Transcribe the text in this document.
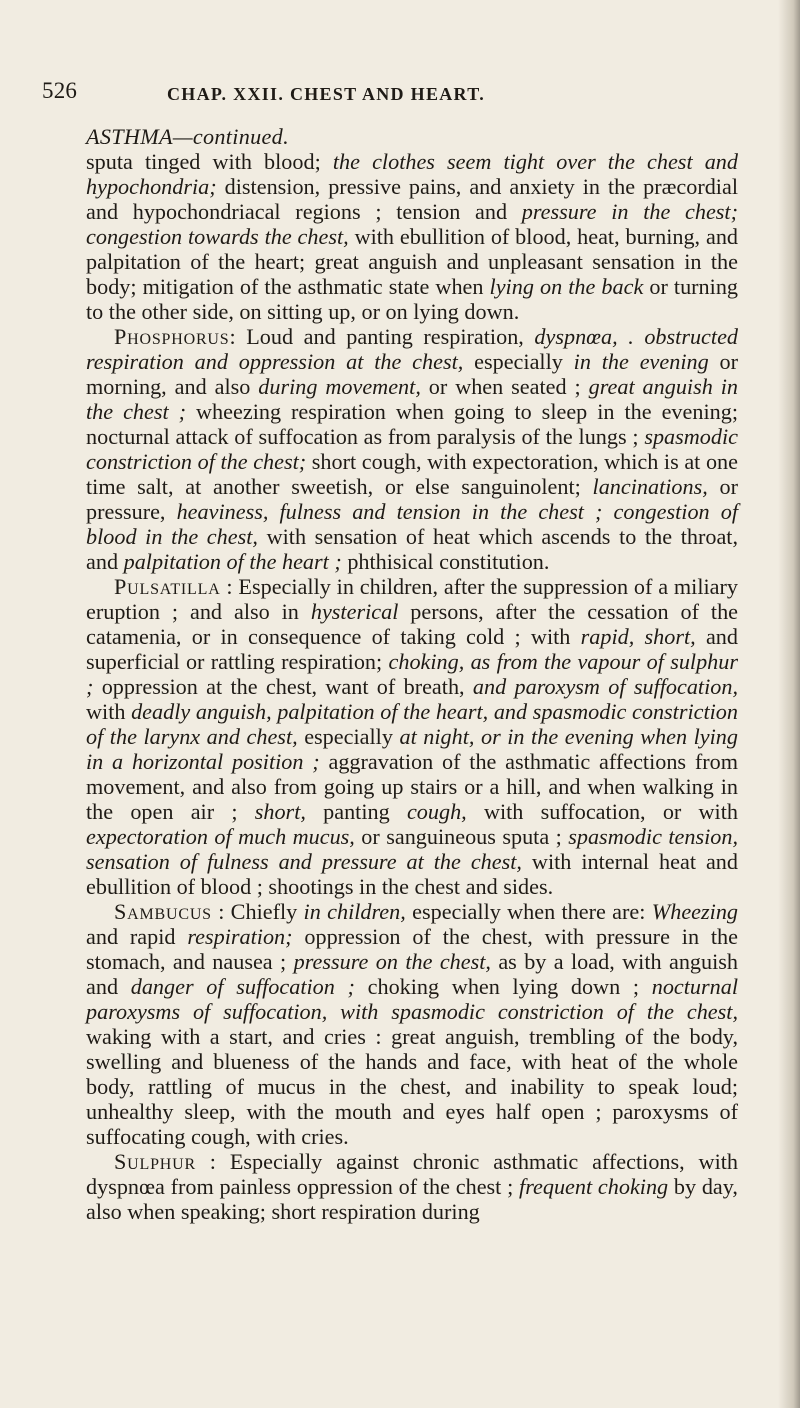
526	CHAP. XXII. CHEST AND HEART.
ASTHMA—continued.

sputa tinged with blood; the clothes seem tight over the chest and hypochondria; distension, pressive pains, and anxiety in the præcordial and hypochondriacal regions ; tension and pressure in the chest; congestion towards the chest, with ebullition of blood, heat, burning, and palpitation of the heart; great anguish and unpleasant sensation in the body; mitigation of the asthmatic state when lying on the back or turning to the other side, on sitting up, or on lying down.

Phosphorus: Loud and panting respiration, dyspnœa, . obstructed respiration and oppression at the chest, especially in the evening or morning, and also during movement, or when seated ; great anguish in the chest ; wheezing respiration when going to sleep in the evening; nocturnal attack of suffocation as from paralysis of the lungs ; spasmodic constriction of the chest; short cough, with expectoration, which is at one time salt, at another sweetish, or else sanguinolent; lancinations, or pressure, heaviness, fulness and tension in the chest ; congestion of blood in the chest, with sensation of heat which ascends to the throat, and palpitation of the heart ; phthisical constitution.

Pulsatilla : Especially in children, after the suppression of a miliary eruption ; and also in hysterical persons, after the cessation of the catamenia, or in consequence of taking cold ; with rapid, short, and superficial or rattling respiration; choking, as from the vapour of sulphur ; oppression at the chest, want of breath, and paroxysm of suffocation, with deadly anguish, palpitation of the heart, and spasmodic constriction of the larynx and chest, especially at night, or in the evening when lying in a horizontal position ; aggravation of the asthmatic affections from movement, and also from going up stairs or a hill, and when walking in the open air ; short, panting cough, with suffocation, or with expectoration of much mucus, or sanguineous sputa ; spasmodic tension, sensation of fulness and pressure at the chest, with internal heat and ebullition of blood ; shootings in the chest and sides.

Sambucus : Chiefly in children, especially when there are: Wheezing and rapid respiration; oppression of the chest, with pressure in the stomach, and nausea ; pressure on the chest, as by a load, with anguish and danger of suffocation ; choking when lying down ; nocturnal paroxysms of suffocation, with spasmodic constriction of the chest, waking with a start, and cries : great anguish, trembling of the body, swelling and blueness of the hands and face, with heat of the whole body, rattling of mucus in the chest, and inability to speak loud; unhealthy sleep, with the mouth and eyes half open ; paroxysms of suffocating cough, with cries.

Sulphur : Especially against chronic asthmatic affections, with dyspnœa from painless oppression of the chest ; frequent choking by day, also when speaking; short respiration during
